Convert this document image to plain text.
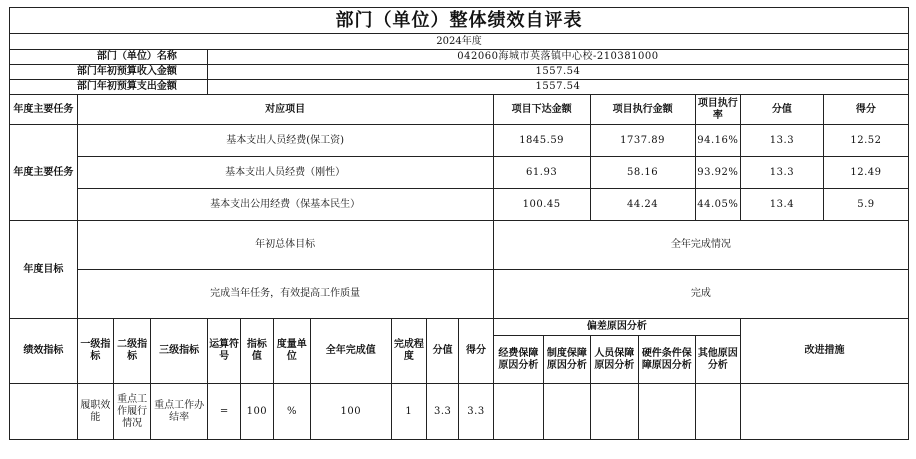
部门（单位）整体绩效自评表																	
2024年度																	
部门（单位）名称				042060海城市英落镇中心校-210381000													
部门年初预算收入金额				1557.54													
部门年初预算支出金额				1557.54													
年度主要任务	对应项目										项目下达金额		项目执行金额		项目执行率	分值	得分
年度主要任务	基本支出人员经费(保工资)										1845.59		1737.89		94.16%	13.3	12.52
	基本支出人员经费（刚性）										61.93		58.16		93.92%	13.3	12.49
	基本支出公用经费（保基本民生）										100.45		44.24		44.05%	13.4	5.9
年度目标	年初总体目标										全年完成情况						
	完成当年任务，有效提高工作质量										完成						
绩效指标	一级指标	二级指标	三级指标	运算符号	指标值	度量单位	全年完成值	完成程度	分值	得分	偏差原因分析					改进措施	
											经费保障原因分析	制度保障原因分析	人员保障原因分析	硬件条件保障原因分析	其他原因分析		
	履职效能	重点工作履行情况	重点工作办结率	=	100	%	100	1	3.3	3.3							
